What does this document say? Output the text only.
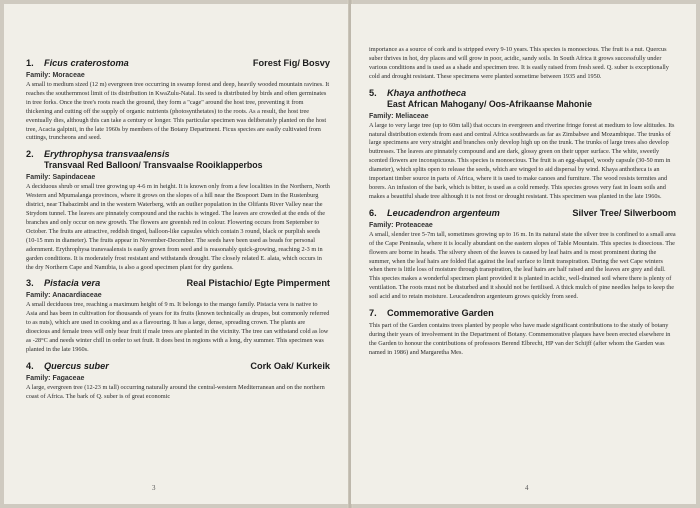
1. Ficus craterostoma	Forest Fig/ Bosvy
Family: Moraceae

A small to medium sized (12 m) evergreen tree occurring in swamp forest and deep, heavily wooded mountain ravines. It reaches the southernmost limit of its distribution in KwaZulu-Natal. Its seed is distributed by birds and often germinates in tree forks. Once the tree's roots reach the ground, they form a "cage" around the host tree, preventing it from thickening and cutting off the supply of organic nutrients (photosynthetates) to the roots. As a result, the host tree eventually dies, although this can take a century or longer. This particular specimen was deliberately planted on the host tree, Acacia galpinii, in the late 1960s by members of the Botany Department. Ficus species are easily cultivated from cuttings, truncheons and seed.

2. Erythrophysa transvaalensis
Transvaal Red Balloon/ Transvaalse Rooiklapperbos
Family: Sapindaceae

A deciduous shrub or small tree growing up 4-6 m in height. It is known only from a few localities in the Northern, North Western and Mpumalanga provinces, where it grows on the slopes of a hill near the Bospoort Dam in the Rustenburg district, near Thabazimbi and in the western Waterberg, with an outlier population in the Olifants River Valley near the Strydom tunnel. The leaves are pinnately compound and the rachis is winged. The leaves are crowded at the ends of the branches and only occur on new growth. The flowers are greenish red in colour. Flowering occurs from September to October. The fruits are attractive, reddish tinged, balloon-like capsules which contain 3 round, black or purplish seeds (10-15 mm in diameter). The fruits appear in November-December. The seeds have been used as beads for personal adornment. Erythrophysa transvaalensis is easily grown from seed and is reasonably quick-growing, reaching 2-3 m in garden conditions. It is moderately frost resistant and withstands drought. The closely related E. alata, which occurs in the dry Northern Cape and Namibia, is also a good specimen plant for dry gardens.

3. Pistacia vera	Real Pistachio/ Egte Pimperment
Family: Anacardiaceae

A small deciduous tree, reaching a maximum height of 9 m. It belongs to the mango family. Pistacia vera is native to Asia and has been in cultivation for thousands of years for its fruits (known technically as drupes, but commonly referred to as nuts), which are used in cooking and as a flavouring. It has a large, dense, spreading crown. The plants are dioecious and female trees will only bear fruit if male trees are planted in the vicinity. The tree can withstand cold as low as -28°C and needs winter chill in order to set fruit. It does best in regions with a long, dry summer. This specimen was planted in the late 1960s.

4. Quercus suber	Cork Oak/ Kurkeik
Family: Fagaceae

A large, evergreen tree (12-23 m tall) occurring naturally around the central-western Mediterranean and on the northern coast of Africa. The bark of Q. suber is of great economic

3

importance as a source of cork and is stripped every 9-10 years. This species is monoecious. The fruit is a nut. Quercus suber thrives in hot, dry places and will grow in poor, acidic, sandy soils. In South Africa it grows successfully under various conditions and is used as a shade and specimen tree. It is easily raised from fresh seed. Q. suber is exceptionally cold and drought resistant. These specimens were planted sometime between 1935 and 1950.

5. Khaya anthotheca
East African Mahogany/ Oos-Afrikaanse Mahonie
Family: Meliaceae

A large to very large tree (up to 60m tall) that occurs in evergreen and riverine fringe forest at medium to low altitudes. Its natural distribution extends from east and central Africa southwards as far as Zimbabwe and Mozambique. The trunks of large specimens are very straight and branches only develop high up on the trunk. The trunks of large trees also develop buttresses. The leaves are pinnately compound and are dark, glossy green on their upper surface. The white, sweetly scented flowers are inconspicuous. This species is monoecious. The fruit is an egg-shaped, woody capsule (30-50 mm in diameter), which splits open to release the seeds, which are winged to aid dispersal by wind. Khaya anthotheca is an important timber source in parts of Africa, where it is used to make canoes and furniture. The wood resists termites and borers. An infusion of the bark, which is bitter, is used as a cold remedy. This species grows very fast in loam soils and makes a beautiful shade tree although it is not frost or drought resistant. This specimen was planted in the late 1960s.

6. Leucadendron argenteum	Silver Tree/ Silwerboom
Family: Proteaceae

A small, slender tree 5-7m tall, sometimes growing up to 16 m. In its natural state the silver tree is confined to a small area of the Cape Peninsula, where it is locally abundant on the eastern slopes of Table Mountain. This species is dioecious. The flowers are borne in heads. The silvery sheen of the leaves is caused by leaf hairs and is most prominent during the summer, when the leaf hairs are folded flat against the leaf surface to limit transpiration. During the wet Cape winters when there is little loss of moisture through transpiration, the leaf hairs are half raised and the leaves are grey and dull. This species makes a wonderful specimen plant provided it is planted in acidic, well-drained soil where there is plenty of ventilation. The roots must not be disturbed and it should not be fertilised. A thick mulch of pine needles helps to keep the soil acid and to retain moisture. Leucadendron argenteum grows quickly from seed.

7. Commemorative Garden

This part of the Garden contains trees planted by people who have made significant contributions to the study of botany during their years of involvement in the Department of Botany. Commemorative plaques have been erected elsewhere in the Garden to honour the contributions of professors Berend Elbrecht, HP van der Schijff (after whom the Garden was named in 1986) and Margaretha Mes.

4
